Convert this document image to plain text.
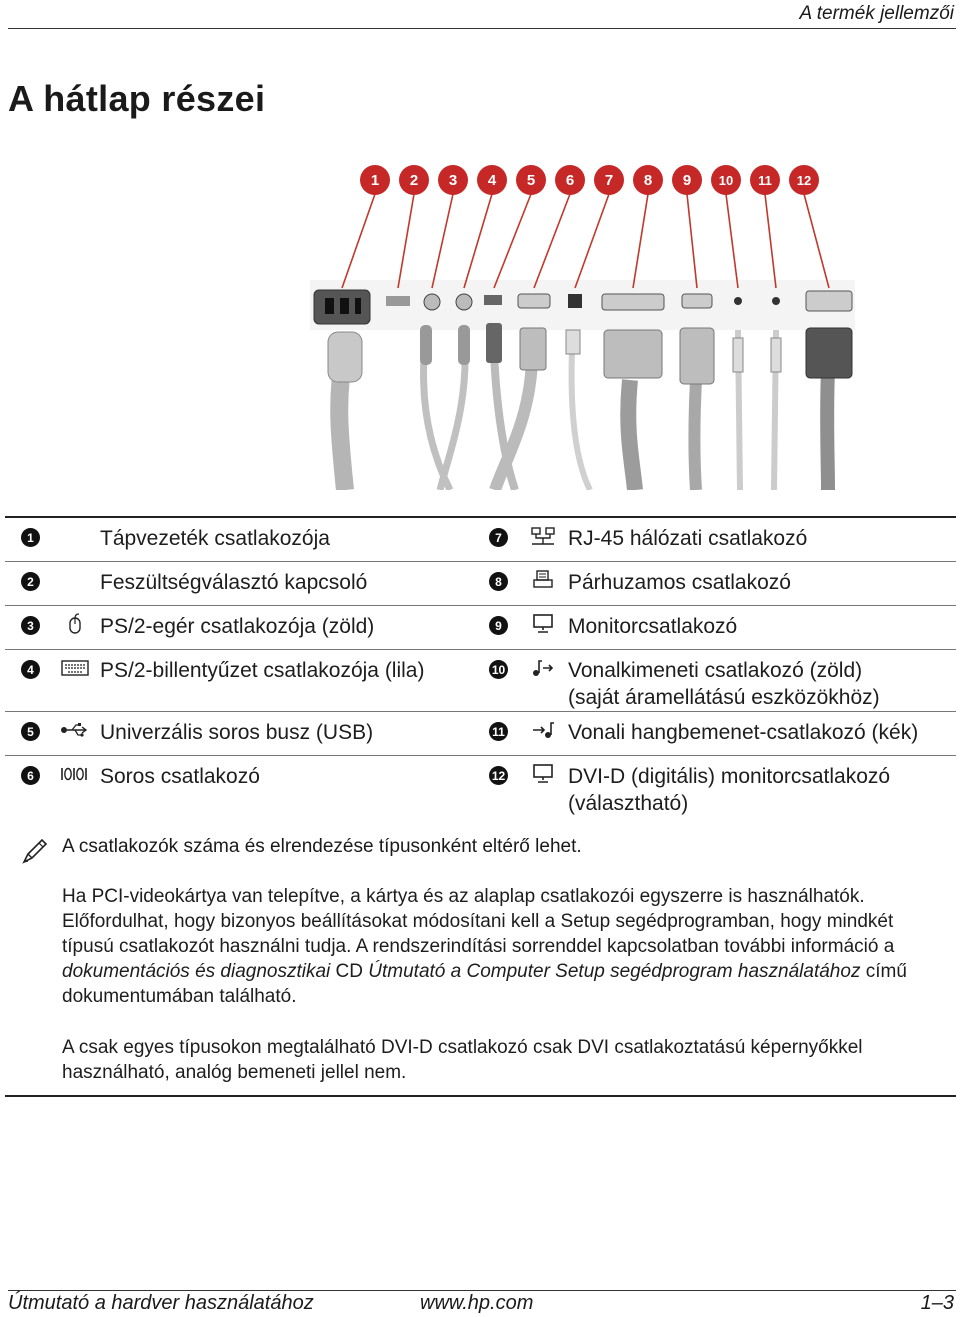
A termék jellemzői
A hátlap részei
1 2 3 4 5 6 7 8 9 10 11 12
1	Tápvezeték csatlakozója	7	RJ-45 hálózati csatlakozó
2	Feszültségválasztó kapcsoló	8	Párhuzamos csatlakozó
3	PS/2-egér csatlakozója (zöld)	9	Monitorcsatlakozó
4	PS/2-billentyűzet csatlakozója (lila)	10	Vonalkimeneti csatlakozó (zöld)
(saját áramellátású eszközökhöz)
5	Univerzális soros busz (USB)	11	Vonali hangbemenet-csatlakozó (kék)
6	Soros csatlakozó	12	DVI-D (digitális) monitorcsatlakozó
(választható)
A csatlakozók száma és elrendezése típusonként eltérő lehet.

Ha PCI-videokártya van telepítve, a kártya és az alaplap csatlakozói egyszerre is használhatók. Előfordulhat, hogy bizonyos beállításokat módosítani kell a Setup segédprogramban, hogy mindkét típusú csatlakozót használni tudja. A rendszerindítási sorrenddel kapcsolatban további információ a dokumentációs és diagnosztikai CD Útmutató a Computer Setup segédprogram használatához című dokumentumában található.

A csak egyes típusokon megtalálható DVI-D csatlakozó csak DVI csatlakoztatású képernyőkkel használható, analóg bemeneti jellel nem.

Útmutató a hardver használatához	www.hp.com	1–3
